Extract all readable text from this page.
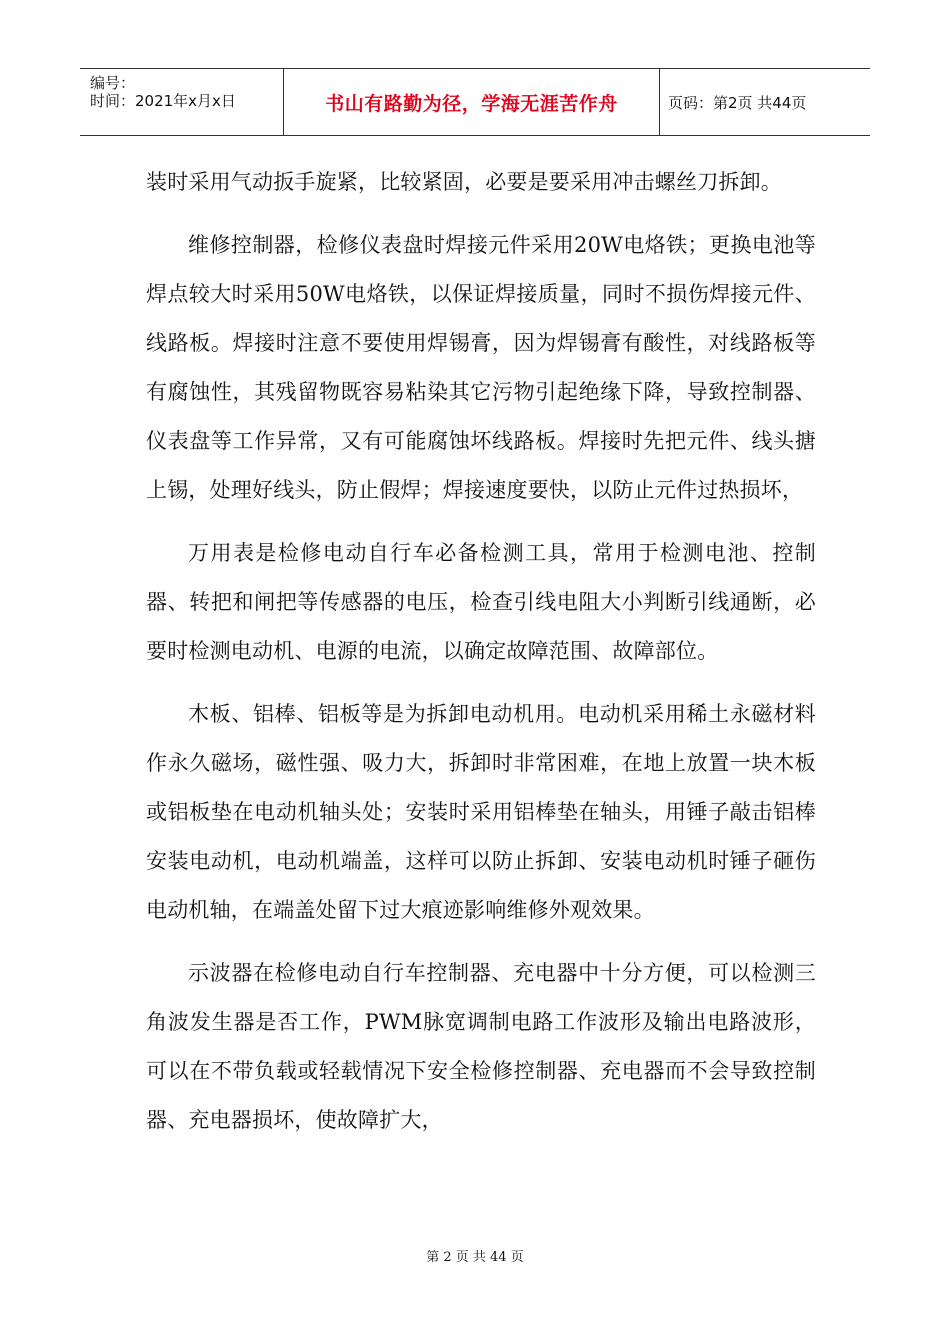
编号：
时间：2021年x月x日	书山有路勤为径，学海无涯苦作舟	页码：第2页 共44页

装时采用气动扳手旋紧，比较紧固，必要是要采用冲击螺丝刀拆卸。

维修控制器，检修仪表盘时焊接元件采用20W电烙铁；更换电池等焊点较大时采用50W电烙铁，以保证焊接质量，同时不损伤焊接元件、线路板。焊接时注意不要使用焊锡膏，因为焊锡膏有酸性，对线路板等有腐蚀性，其残留物既容易粘染其它污物引起绝缘下降，导致控制器、仪表盘等工作异常，又有可能腐蚀坏线路板。焊接时先把元件、线头搪上锡，处理好线头，防止假焊；焊接速度要快，以防止元件过热损坏，

万用表是检修电动自行车必备检测工具，常用于检测电池、控制器、转把和闸把等传感器的电压，检查引线电阻大小判断引线通断，必要时检测电动机、电源的电流，以确定故障范围、故障部位。

木板、铝棒、铝板等是为拆卸电动机用。电动机采用稀土永磁材料作永久磁场，磁性强、吸力大，拆卸时非常困难，在地上放置一块木板或铝板垫在电动机轴头处；安装时采用铝棒垫在轴头，用锤子敲击铝棒安装电动机，电动机端盖，这样可以防止拆卸、安装电动机时锤子砸伤电动机轴，在端盖处留下过大痕迹影响维修外观效果。

示波器在检修电动自行车控制器、充电器中十分方便，可以检测三角波发生器是否工作，PWM脉宽调制电路工作波形及输出电路波形，可以在不带负载或轻载情况下安全检修控制器、充电器而不会导致控制器、充电器损坏，使故障扩大，

第 2 页 共 44 页
